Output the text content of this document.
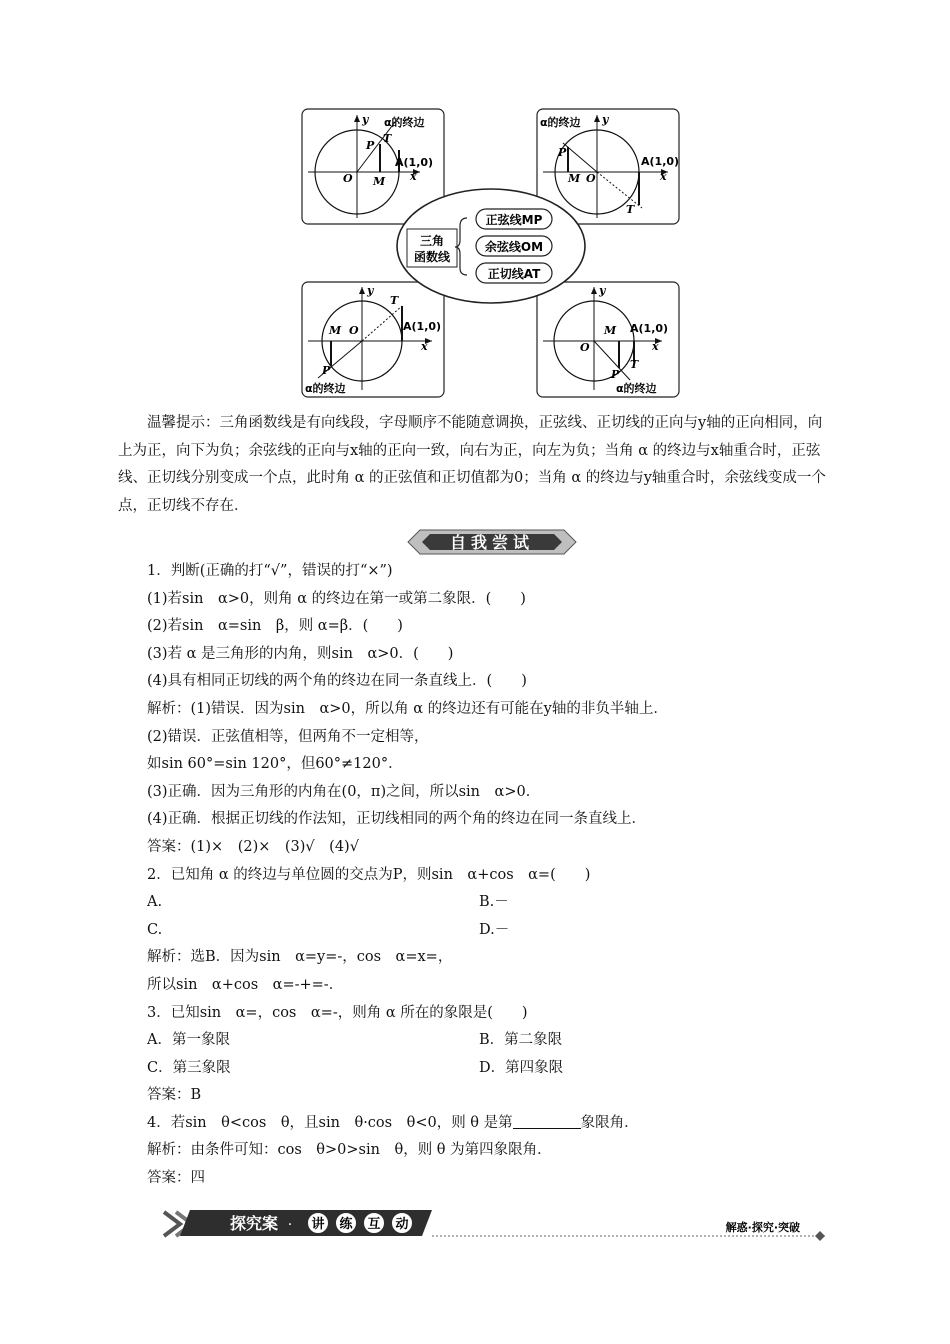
x
y
O
P
M
T
A(1,0)
α的终边
x
y
O
P
M
T
A(1,0)
α的终边
x
y
O
P
M
T
A(1,0)
α的终边
x
y
O
P
M
T
A(1,0)
α的终边
三角
函数线
正弦线MP
余弦线OM
正切线AT

温馨提示：三角函数线是有向线段，字母顺序不能随意调换，正弦线、正切线的正向与y轴的正向相同，向上为正，向下为负；余弦线的正向与x轴的正向一致，向右为正，向左为负；当角 α 的终边与x轴重合时，正弦线、正切线分别变成一个点，此时角 α 的正弦值和正切值都为0；当角 α 的终边与y轴重合时，余弦线变成一个点，正切线不存在．

自我尝试
1．判断(正确的打“√”，错误的打“×”)
(1)若sin　α>0，则角 α 的终边在第一或第二象限．(　　)
(2)若sin　α=sin　β，则 α=β．(　　)
(3)若 α 是三角形的内角，则sin　α>0．(　　)
(4)具有相同正切线的两个角的终边在同一条直线上．(　　)
解析：(1)错误．因为sin　α>0，所以角 α 的终边还有可能在y轴的非负半轴上．
(2)错误．正弦值相等，但两角不一定相等，
如sin 60°=sin 120°，但60°≠120°．
(3)正确．因为三角形的内角在(0，π)之间，所以sin　α>0．
(4)正确．根据正切线的作法知，正切线相同的两个角的终边在同一条直线上．
答案：(1)×　(2)×　(3)√　(4)√
2．已知角 α 的终边与单位圆的交点为P，则sin　α+cos　α=(　　)
A.	B.－
C.	D.－
解析：选B．因为sin　α=y=-，cos　α=x=，
所以sin　α+cos　α=-+=-．
3．已知sin　α=，cos　α=-，则角 α 所在的象限是(　　)
A．第一象限	B．第二象限
C．第三象限	D．第四象限
答案：B
4．若sin　θ<cos　θ，且sin　θ·cos　θ<0，则 θ 是第	象限角．
解析：由条件可知：cos　θ>0>sin　θ，则 θ 为第四象限角．
答案：四
探究案 · 讲 练 互 动	解惑·探究·突破
